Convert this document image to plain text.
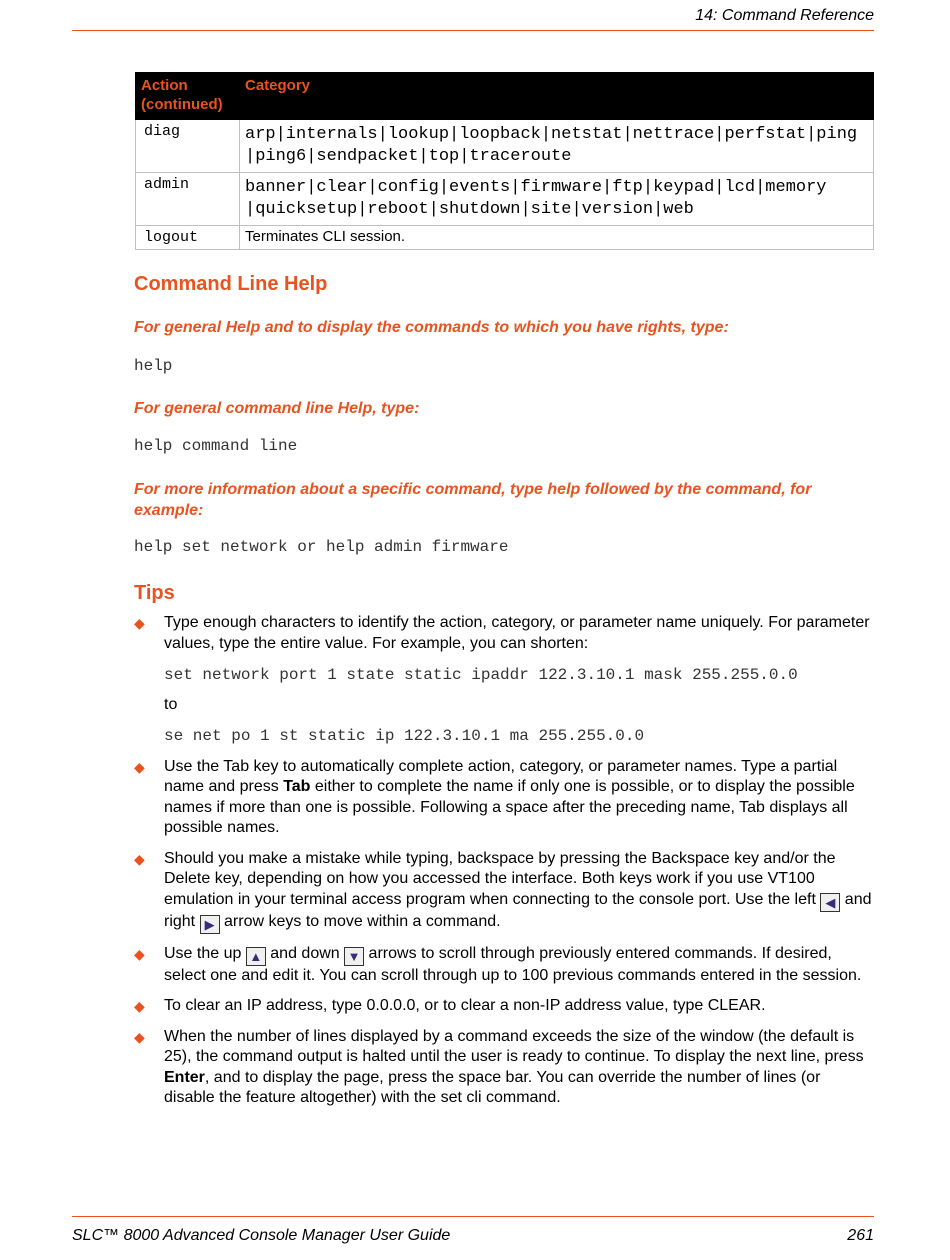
14: Command Reference
Action (continued)	Category
diag	arp|internals|lookup|loopback|netstat|nettrace|perfstat|ping |ping6|sendpacket|top|traceroute
admin	banner|clear|config|events|firmware|ftp|keypad|lcd|memory |quicksetup|reboot|shutdown|site|version|web
logout	Terminates CLI session.
Command Line Help
For general Help and to display the commands to which you have rights, type:
help
For general command line Help, type:
help command line
For more information about a specific command, type help followed by the command, for example:
help set network or help admin firmware
Tips
◆ Type enough characters to identify the action, category, or parameter name uniquely. For parameter values, type the entire value. For example, you can shorten:
set network port 1 state static ipaddr 122.3.10.1 mask 255.255.0.0
to
se net po 1 st static ip 122.3.10.1 ma 255.255.0.0
◆ Use the Tab key to automatically complete action, category, or parameter names. Type a partial name and press Tab either to complete the name if only one is possible, or to display the possible names if more than one is possible. Following a space after the preceding name, Tab displays all possible names.
◆ Should you make a mistake while typing, backspace by pressing the Backspace key and/or the Delete key, depending on how you accessed the interface. Both keys work if you use VT100 emulation in your terminal access program when connecting to the console port. Use the left ◀ and right ▶ arrow keys to move within a command.
◆ Use the up ▲ and down ▼ arrows to scroll through previously entered commands. If desired, select one and edit it. You can scroll through up to 100 previous commands entered in the session.
◆ To clear an IP address, type 0.0.0.0, or to clear a non-IP address value, type CLEAR.
◆ When the number of lines displayed by a command exceeds the size of the window (the default is 25), the command output is halted until the user is ready to continue. To display the next line, press Enter, and to display the page, press the space bar. You can override the number of lines (or disable the feature altogether) with the set cli command.
SLC™ 8000 Advanced Console Manager User Guide	261
